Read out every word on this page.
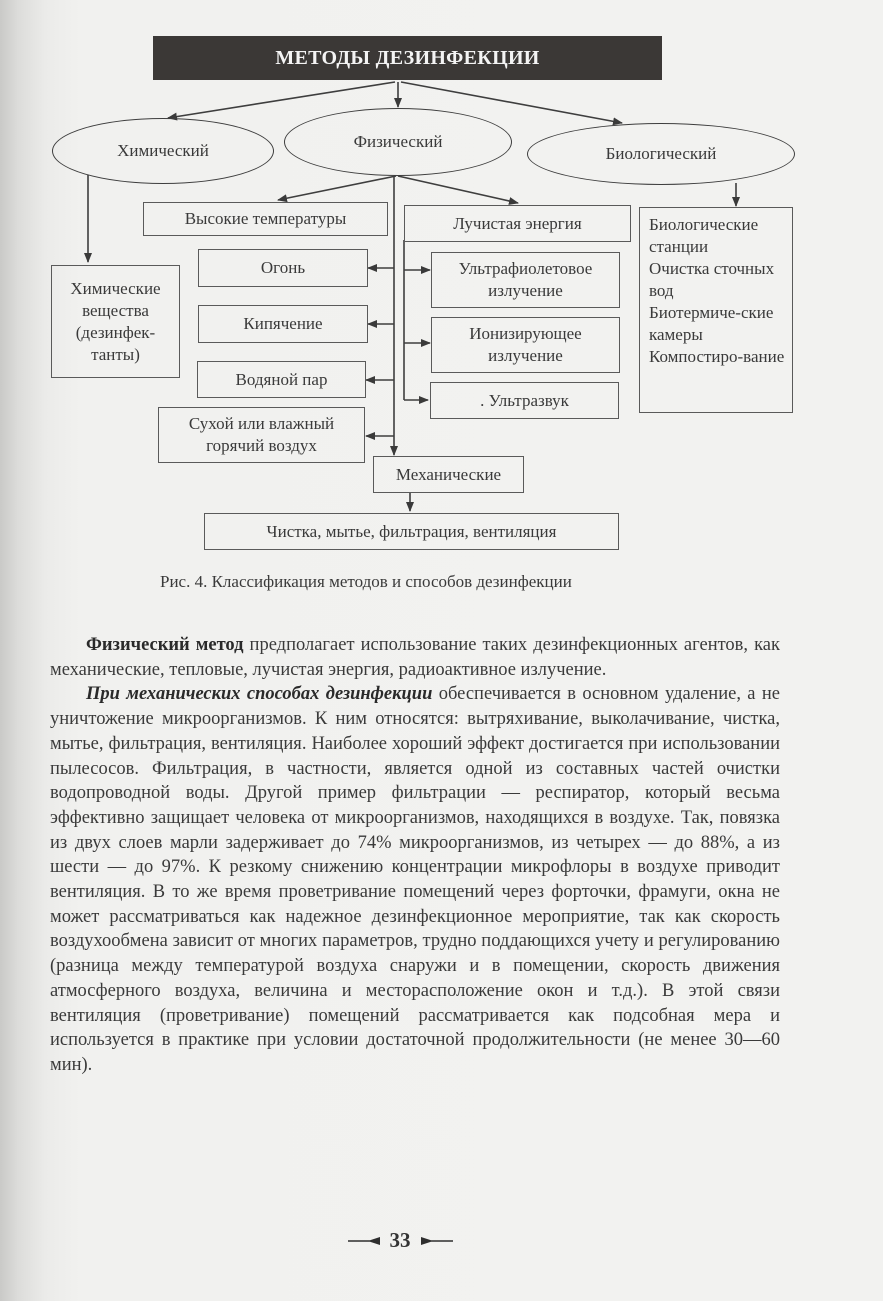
МЕТОДЫ ДЕЗИНФЕКЦИИ
Химический	Физический
Биологический
Химические вещества (дезинфек-танты)
Высокие температуры	Лучистая энергия
Огонь
Кипячение
Водяной пар
Сухой или влажный горячий воздух
Ультрафиолетовое излучение
Ионизирующее излучение
. Ультразвук
Механические
Чистка, мытье, фильтрация, вентиляция
Биологические станции
Очистка сточных вод
Биотермиче-ские камеры
Компостиро-вание
Рис. 4. Классификация методов и способов дезинфекции

Физический метод предполагает использование таких дезинфекционных агентов, как механические, тепловые, лучистая энергия, радиоактивное излучение.

При механических способах дезинфекции обеспечивается в основном удаление, а не уничтожение микроорганизмов. К ним относятся: вытряхивание, выколачивание, чистка, мытье, фильтрация, вентиляция. Наиболее хороший эффект достигается при использовании пылесосов. Фильтрация, в частности, является одной из составных частей очистки водопроводной воды. Другой пример фильтрации — респиратор, который весьма эффективно защищает человека от микроорганизмов, находящихся в воздухе. Так, повязка из двух слоев марли задерживает до 74% микроорганизмов, из четырех — до 88%, а из шести — до 97%. К резкому снижению концентрации микрофлоры в воздухе приводит вентиляция. В то же время проветривание помещений через форточки, фрамуги, окна не может рассматриваться как надежное дезинфекционное мероприятие, так как скорость воздухообмена зависит от многих параметров, трудно поддающихся учету и регулированию (разница между температурой воздуха снаружи и в помещении, скорость движения атмосферного воздуха, величина и месторасположение окон и т.д.). В этой связи вентиляция (проветривание) помещений рассматривается как подсобная мера и используется в практике при условии достаточной продолжительности (не менее 30—60 мин).

33
